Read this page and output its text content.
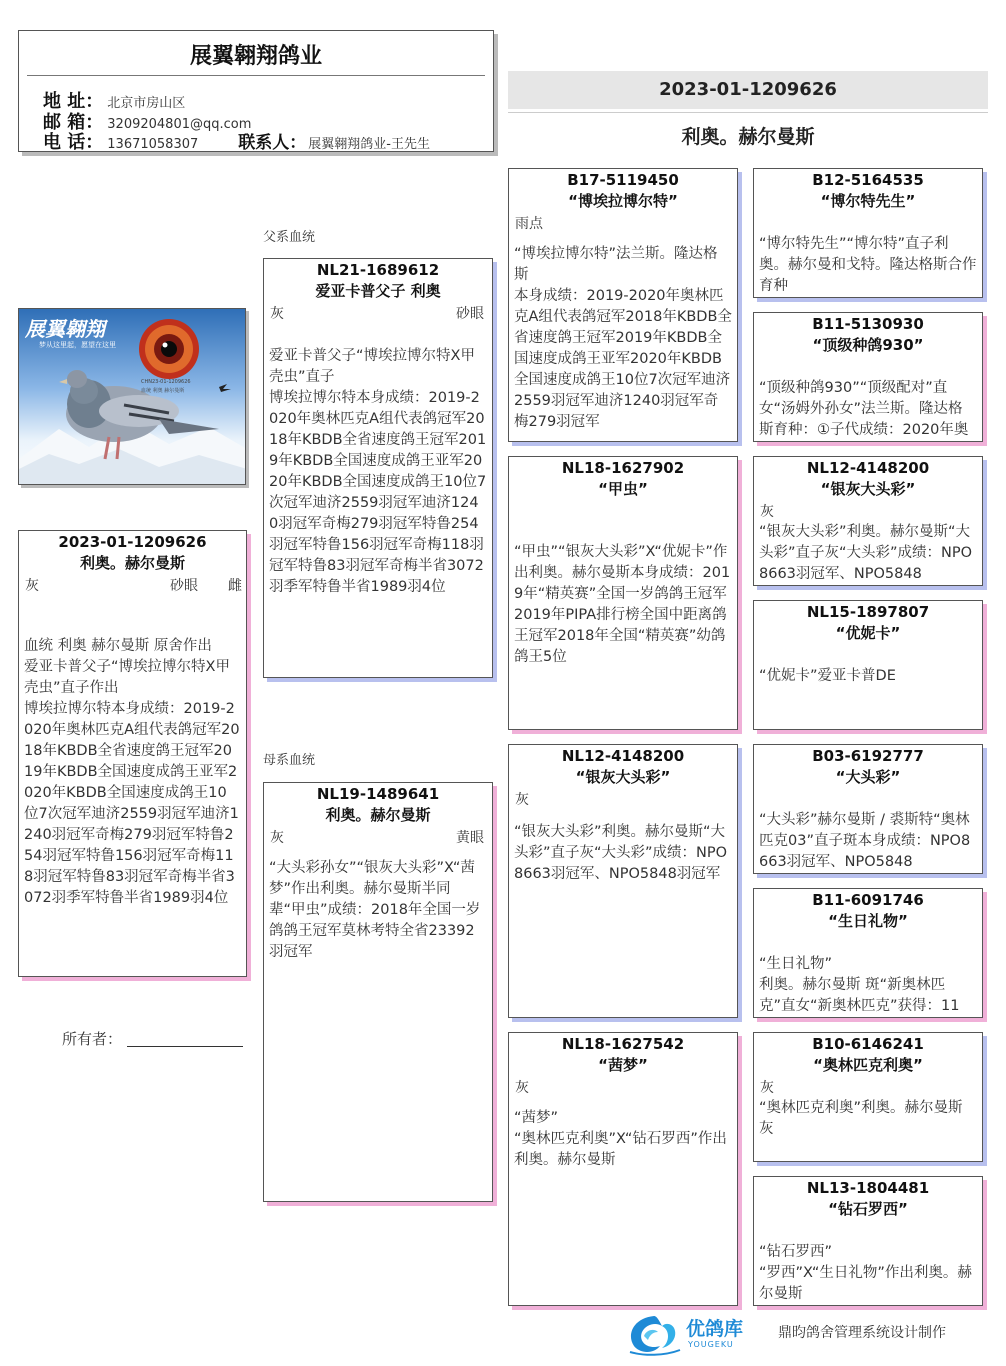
展翼翱翔鸽业
地 址： 北京市房山区
邮 箱： 3209204801@qq.com
电 话： 13671058307 联系人： 展翼翱翔鸽业-王先生
2023-01-1209626
利奥。赫尔曼斯
展翼翱翔
梦从这里起，愿望在这里
CHN23-01-1209626
血统 利奥 赫尔曼斯
父系血统
母系血统
2023-01-1209626
利奥。赫尔曼斯
灰	砂眼 雌
血统 利奥 赫尔曼斯 原舍作出
爱亚卡普父子“博埃拉博尔特X甲壳虫”直子作出
博埃拉博尔特本身成绩：2019-2020年奥林匹克A组代表鸽冠军2018年KBDB全省速度鸽王冠军2019年KBDB全国速度成鸽王亚军2020年KBDB全国速度成鸽王10位7次冠军迪济2559羽冠军迪济1240羽冠军奇梅279羽冠军特鲁254羽冠军特鲁156羽冠军奇梅118羽冠军特鲁83羽冠军奇梅半省3072羽季军特鲁半省1989羽4位
NL21-1689612
爱亚卡普父子 利奥
灰	砂眼
爱亚卡普父子“博埃拉博尔特X甲壳虫”直子
博埃拉博尔特本身成绩：2019-2020年奥林匹克A组代表鸽冠军2018年KBDB全省速度鸽王冠军2019年KBDB全国速度成鸽王亚军2020年KBDB全国速度成鸽王10位7次冠军迪济2559羽冠军迪济1240羽冠军奇梅279羽冠军特鲁254羽冠军特鲁156羽冠军奇梅118羽冠军特鲁83羽冠军奇梅半省3072羽季军特鲁半省1989羽4位
NL19-1489641
利奥。赫尔曼斯
灰	黄眼
“大头彩孙女”“银灰大头彩”X“茜梦”作出利奥。赫尔曼斯半同辈“甲虫”成绩：2018年全国一岁鸽鸽王冠军莫林考特全省23392羽冠军
B17-5119450
“博埃拉博尔特”
雨点
“博埃拉博尔特”法兰斯。隆达格斯
本身成绩：2019-2020年奥林匹克A组代表鸽冠军2018年KBDB全省速度鸽王冠军2019年KBDB全国速度成鸽王亚军2020年KBDB全国速度成鸽王10位7次冠军迪济2559羽冠军迪济1240羽冠军奇梅279羽冠军
NL18-1627902
“甲虫”
“甲虫”“银灰大头彩”X“优妮卡”作出利奥。赫尔曼斯本身成绩：2019年“精英赛”全国一岁鸽鸽王冠军2019年PIPA排行榜全国中距离鸽王冠军2018年全国“精英赛”幼鸽鸽王5位
NL12-4148200
“银灰大头彩”
灰
“银灰大头彩”利奥。赫尔曼斯“大头彩”直子灰“大头彩”成绩：NPO8663羽冠军、NPO5848羽冠军
NL18-1627542
“茜梦”
灰
“茜梦”
“奥林匹克利奥”X“钻石罗西”作出利奥。赫尔曼斯
B12-5164535
“博尔特先生”
“博尔特先生”“博尔特”直子利奥。赫尔曼和戈特。隆达格斯合作育种
B11-5130930
“顶级种鸽930”
“顶级种鸽930”“顶级配对”直女“汤姆外孙女”法兰斯。隆达格斯育种：①子代成绩：2020年奥
NL12-4148200
“银灰大头彩”
灰
“银灰大头彩”利奥。赫尔曼斯“大头彩”直子灰“大头彩”成绩：NPO8663羽冠军、NPO5848
NL15-1897807
“优妮卡”
“优妮卡”爱亚卡普DE
B03-6192777
“大头彩”
“大头彩”赫尔曼斯 / 裘斯特“奥林匹克03”直子斑本身成绩：NPO8663羽冠军、NPO5848
B11-6091746
“生日礼物”
“生日礼物”
利奥。赫尔曼斯 斑“新奥林匹克”直女“新奥林匹克”获得：11
B10-6146241
“奥林匹克利奥”
灰
“奥林匹克利奥”利奥。赫尔曼斯灰
NL13-1804481
“钻石罗西”
“钻石罗西”
“罗西”X“生日礼物”作出利奥。赫尔曼斯
所有者：
优鸽库
YOUGEKU
鼎昀鸽舍管理系统设计制作
